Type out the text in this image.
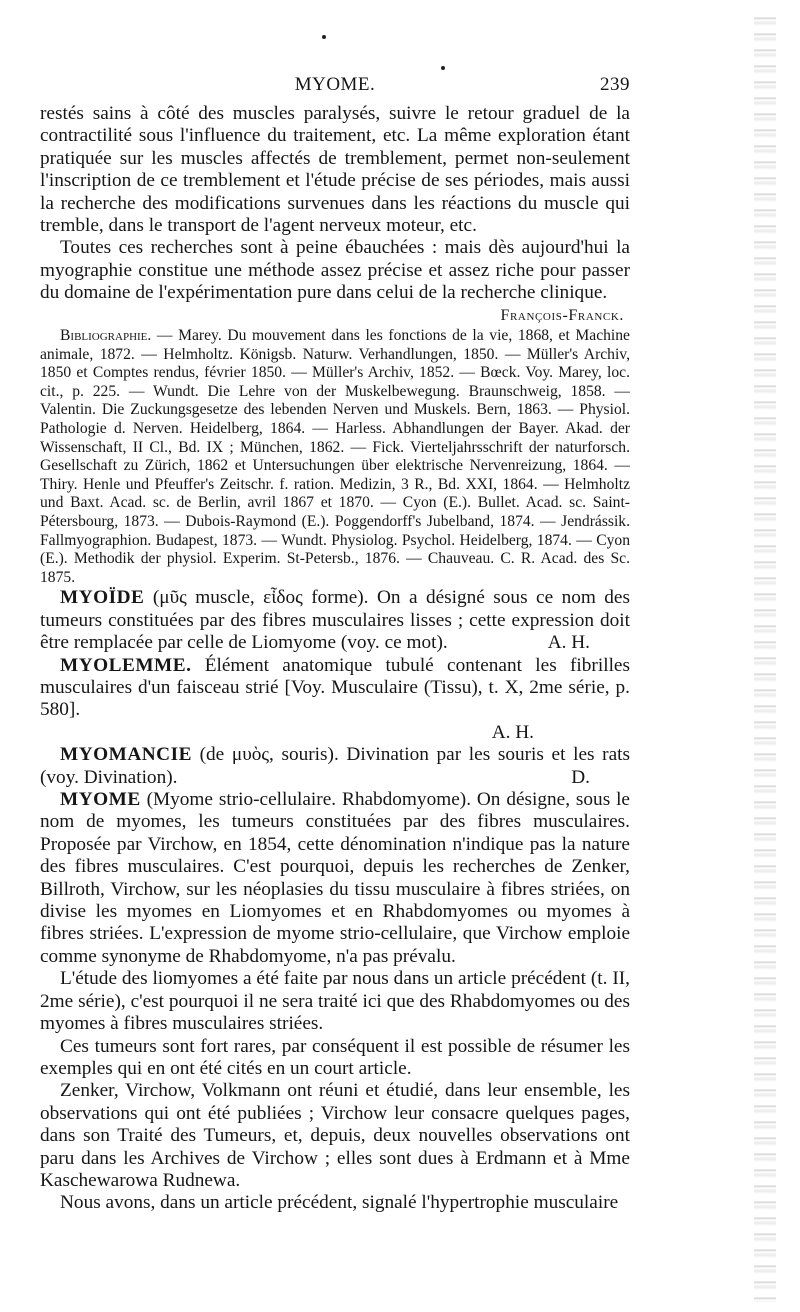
MYOME.	239

restés sains à côté des muscles paralysés, suivre le retour graduel de la contractilité sous l'influence du traitement, etc. La même exploration étant pratiquée sur les muscles affectés de tremblement, permet non-seulement l'inscription de ce tremblement et l'étude précise de ses périodes, mais aussi la recherche des modifications survenues dans les réactions du muscle qui tremble, dans le transport de l'agent nerveux moteur, etc.

Toutes ces recherches sont à peine ébauchées : mais dès aujourd'hui la myographie constitue une méthode assez précise et assez riche pour passer du domaine de l'expérimentation pure dans celui de la recherche clinique.

François-Franck.

Bibliographie. — Marey. Du mouvement dans les fonctions de la vie, 1868, et Machine animale, 1872. — Helmholtz. Königsb. Naturw. Verhandlungen, 1850. — Müller's Archiv, 1850 et Comptes rendus, février 1850. — Müller's Archiv, 1852. — Bœck. Voy. Marey, loc. cit., p. 225. — Wundt. Die Lehre von der Muskelbewegung. Braunschweig, 1858. — Valentin. Die Zuckungsgesetze des lebenden Nerven und Muskels. Bern, 1863. — Physiol. Pathologie d. Nerven. Heidelberg, 1864. — Harless. Abhandlungen der Bayer. Akad. der Wissenschaft, II Cl., Bd. IX ; München, 1862. — Fick. Vierteljahrsschrift der naturforsch. Gesellschaft zu Zürich, 1862 et Untersuchungen über elektrische Nervenreizung, 1864. — Thiry. Henle und Pfeuffer's Zeitschr. f. ration. Medizin, 3 R., Bd. XXI, 1864. — Helmholtz und Baxt. Acad. sc. de Berlin, avril 1867 et 1870. — Cyon (E.). Bullet. Acad. sc. Saint-Pétersbourg, 1873. — Dubois-Raymond (E.). Poggendorff's Jubelband, 1874. — Jendrássik. Fallmyographion. Budapest, 1873. — Wundt. Physiolog. Psychol. Heidelberg, 1874. — Cyon (E.). Methodik der physiol. Experim. St-Petersb., 1876. — Chauveau. C. R. Acad. des Sc. 1875.

MYOÏDE (μῦς muscle, εἶδος forme). On a désigné sous ce nom des tumeurs constituées par des fibres musculaires lisses ; cette expression doit être remplacée par celle de Liomyome (voy. ce mot).	A. H.

MYOLEMME. Élément anatomique tubulé contenant les fibrilles musculaires d'un faisceau strié [Voy. Musculaire (Tissu), t. X, 2me série, p. 580].

A. H.

MYOMANCIE (de μυὸς, souris). Divination par les souris et les rats (voy. Divination).	D.

MYOME (Myome strio-cellulaire. Rhabdomyome). On désigne, sous le nom de myomes, les tumeurs constituées par des fibres musculaires. Proposée par Virchow, en 1854, cette dénomination n'indique pas la nature des fibres musculaires. C'est pourquoi, depuis les recherches de Zenker, Billroth, Virchow, sur les néoplasies du tissu musculaire à fibres striées, on divise les myomes en Liomyomes et en Rhabdomyomes ou myomes à fibres striées. L'expression de myome strio-cellulaire, que Virchow emploie comme synonyme de Rhabdomyome, n'a pas prévalu.

L'étude des liomyomes a été faite par nous dans un article précédent (t. II, 2me série), c'est pourquoi il ne sera traité ici que des Rhabdomyomes ou des myomes à fibres musculaires striées.

Ces tumeurs sont fort rares, par conséquent il est possible de résumer les exemples qui en ont été cités en un court article.

Zenker, Virchow, Volkmann ont réuni et étudié, dans leur ensemble, les observations qui ont été publiées ; Virchow leur consacre quelques pages, dans son Traité des Tumeurs, et, depuis, deux nouvelles observations ont paru dans les Archives de Virchow ; elles sont dues à Erdmann et à Mme Kaschewarowa Rudnewa.

Nous avons, dans un article précédent, signalé l'hypertrophie musculaire
